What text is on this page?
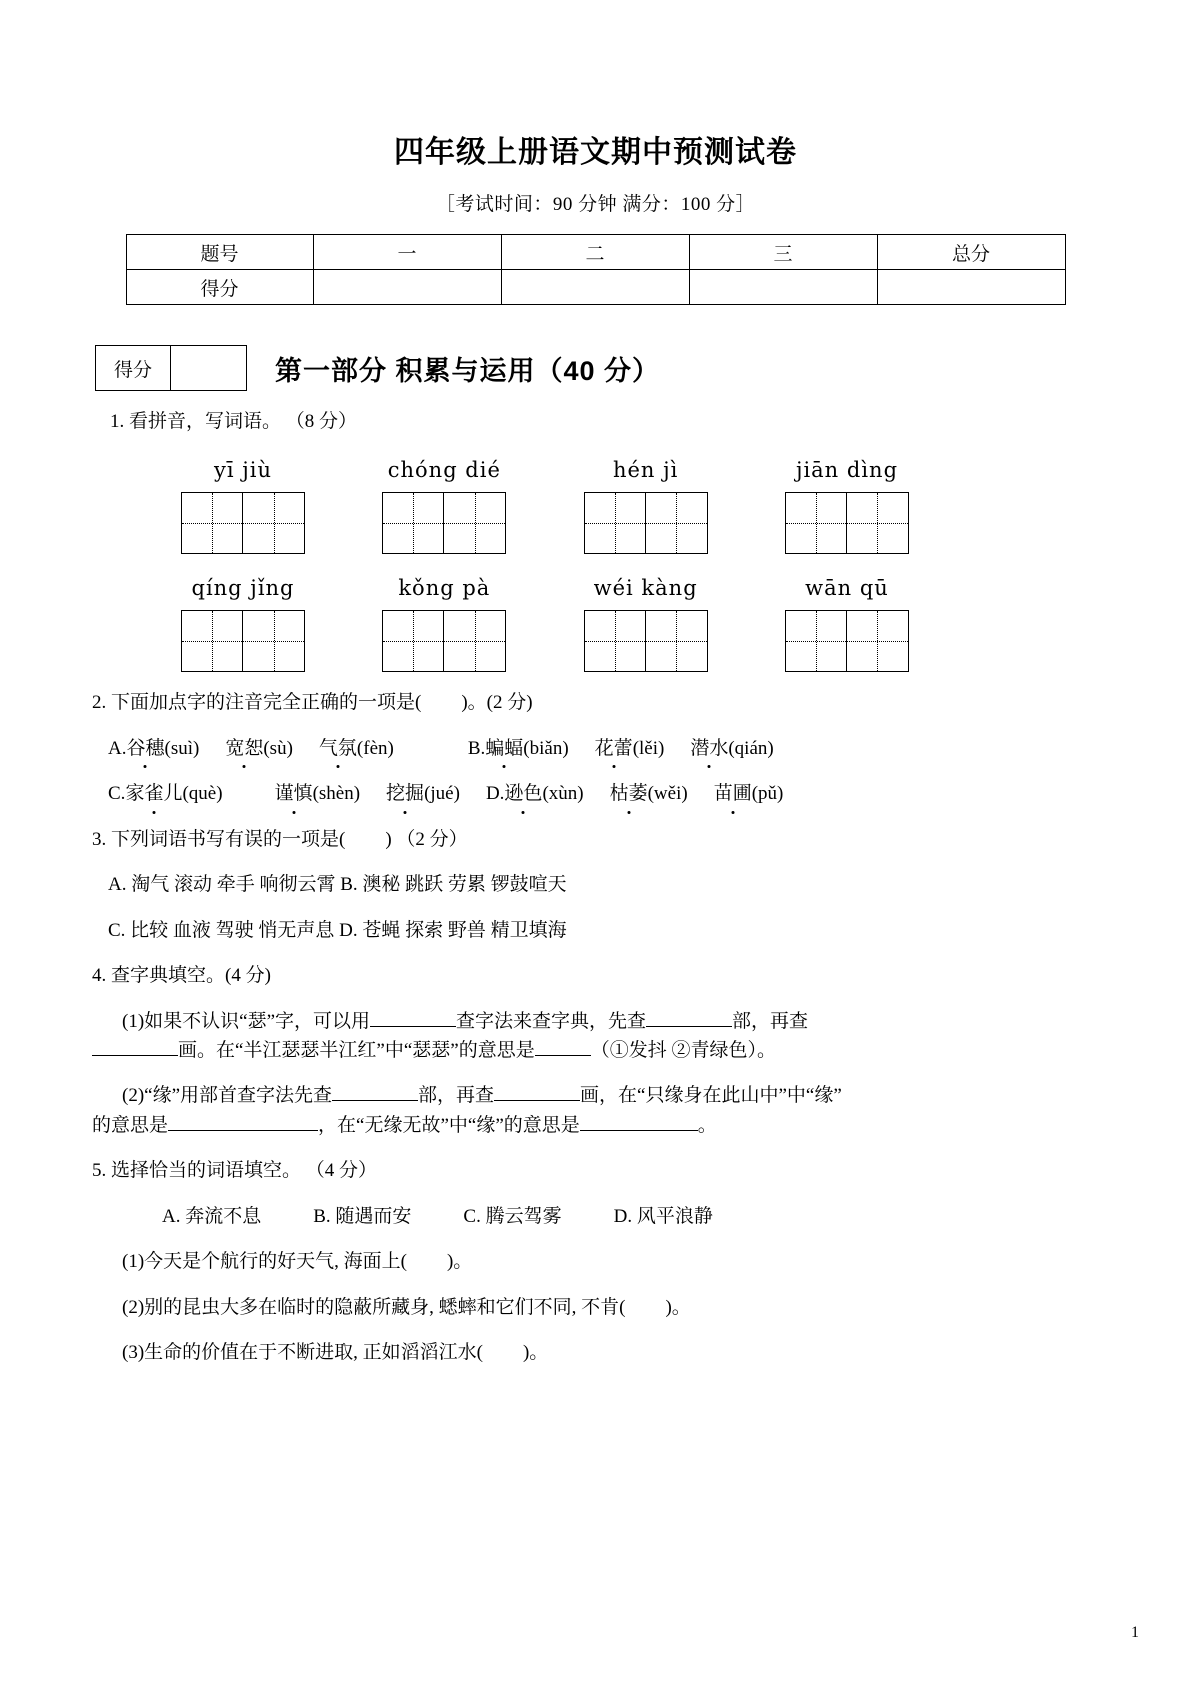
四年级上册语文期中预测试卷
［考试时间：90 分钟 满分：100 分］
题号	一	二	三	总分
得分				
得分	第一部分 积累与运用（40 分）
1. 看拼音，写词语。 （8 分）
yī jiù	chóng dié	hén jì	jiān dìng
qíng jǐng	kǒng pà	wéi kàng	wān qū
2. 下面加点字的注音完全正确的一项是( )。(2 分)
A.谷穗(suì) 宽恕(sù) 气氛(fèn)	B.蝙蝠(biǎn) 花蕾(lěi) 潜水(qián)
C.家雀儿(què)	谨慎(shèn) 挖掘(jué) D.逊色(xùn) 枯萎(wěi) 苗圃(pǔ)
3. 下列词语书写有误的一项是( ) （2 分）
A. 淘气 滚动 牵手 响彻云霄 B. 澳秘 跳跃 劳累 锣鼓喧天
C. 比较 血液 驾驶 悄无声息 D. 苍蝇 探索 野兽 精卫填海
4. 查字典填空。(4 分)
(1)如果不认识“瑟”字，可以用	查字法来查字典，先查	部，再查
画。在“半江瑟瑟半江红”中“瑟瑟”的意思是	（①发抖 ②青绿色）。
(2)“缘”用部首查字法先查	部，再查	画，在“只缘身在此山中”中“缘”
的意思是	，在“无缘无故”中“缘”的意思是	。
5. 选择恰当的词语填空。 （4 分）
A. 奔流不息	B. 随遇而安	C. 腾云驾雾	D. 风平浪静
(1)今天是个航行的好天气, 海面上( )。
(2)别的昆虫大多在临时的隐蔽所藏身, 蟋蟀和它们不同, 不肯( )。
(3)生命的价值在于不断进取, 正如滔滔江水( )。
1
